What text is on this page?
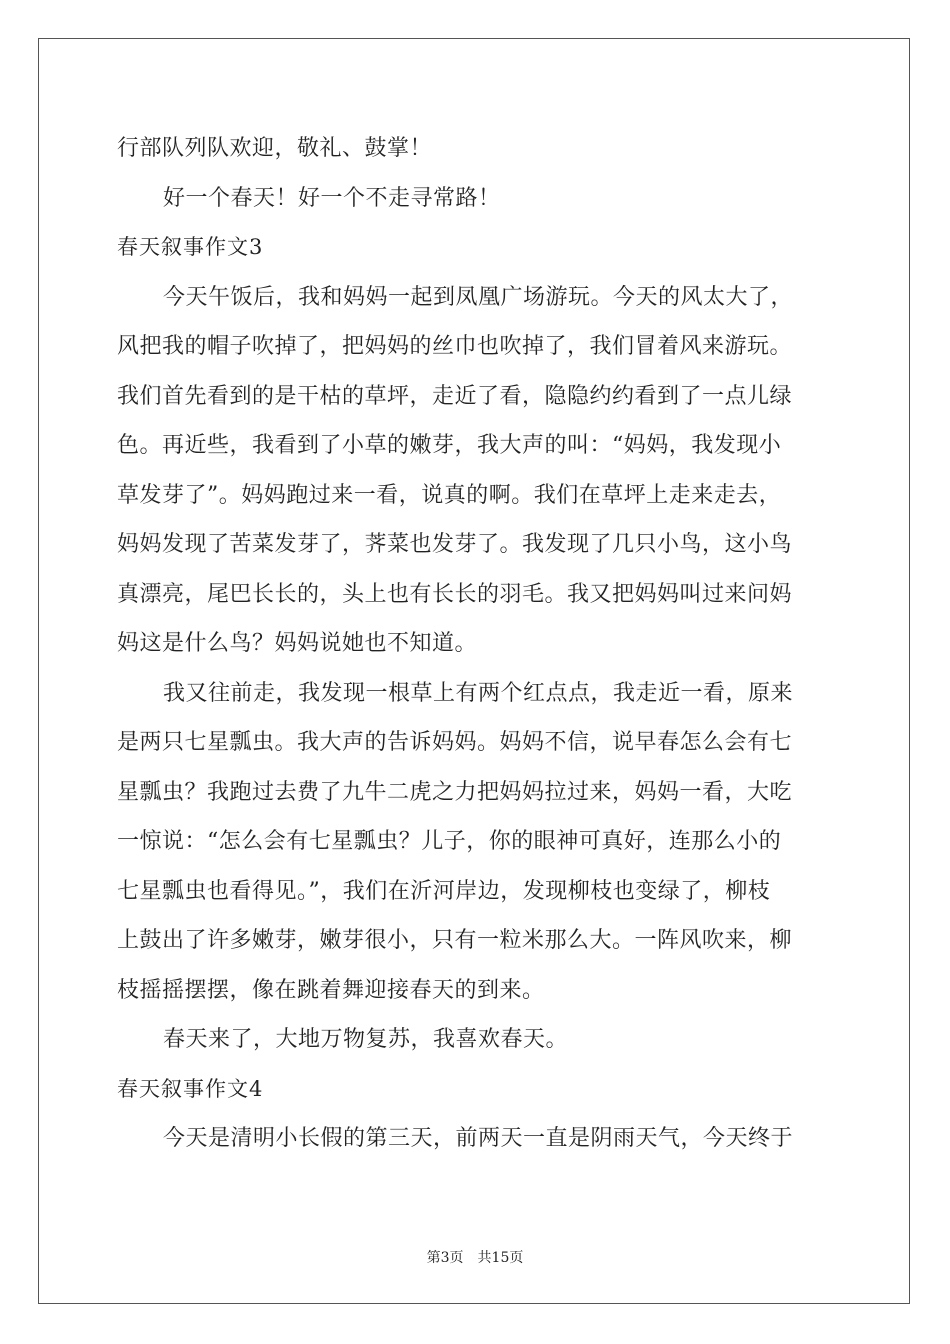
行部队列队欢迎，敬礼、鼓掌！
好一个春天！好一个不走寻常路！
春天叙事作文3
今天午饭后，我和妈妈一起到凤凰广场游玩。今天的风太大了，
风把我的帽子吹掉了，把妈妈的丝巾也吹掉了，我们冒着风来游玩。
我们首先看到的是干枯的草坪，走近了看，隐隐约约看到了一点儿绿
色。再近些，我看到了小草的嫩芽，我大声的叫：“妈妈，我发现小
草发芽了”。妈妈跑过来一看，说真的啊。我们在草坪上走来走去，
妈妈发现了苦菜发芽了，荠菜也发芽了。我发现了几只小鸟，这小鸟
真漂亮，尾巴长长的，头上也有长长的羽毛。我又把妈妈叫过来问妈
妈这是什么鸟？妈妈说她也不知道。
我又往前走，我发现一根草上有两个红点点，我走近一看，原来
是两只七星瓢虫。我大声的告诉妈妈。妈妈不信，说早春怎么会有七
星瓢虫？我跑过去费了九牛二虎之力把妈妈拉过来，妈妈一看，大吃
一惊说：“怎么会有七星瓢虫？儿子，你的眼神可真好，连那么小的
七星瓢虫也看得见。”，我们在沂河岸边，发现柳枝也变绿了，柳枝
上鼓出了许多嫩芽，嫩芽很小，只有一粒米那么大。一阵风吹来，柳
枝摇摇摆摆，像在跳着舞迎接春天的到来。
春天来了，大地万物复苏，我喜欢春天。
春天叙事作文4
今天是清明小长假的第三天，前两天一直是阴雨天气，今天终于
第3页　共15页
